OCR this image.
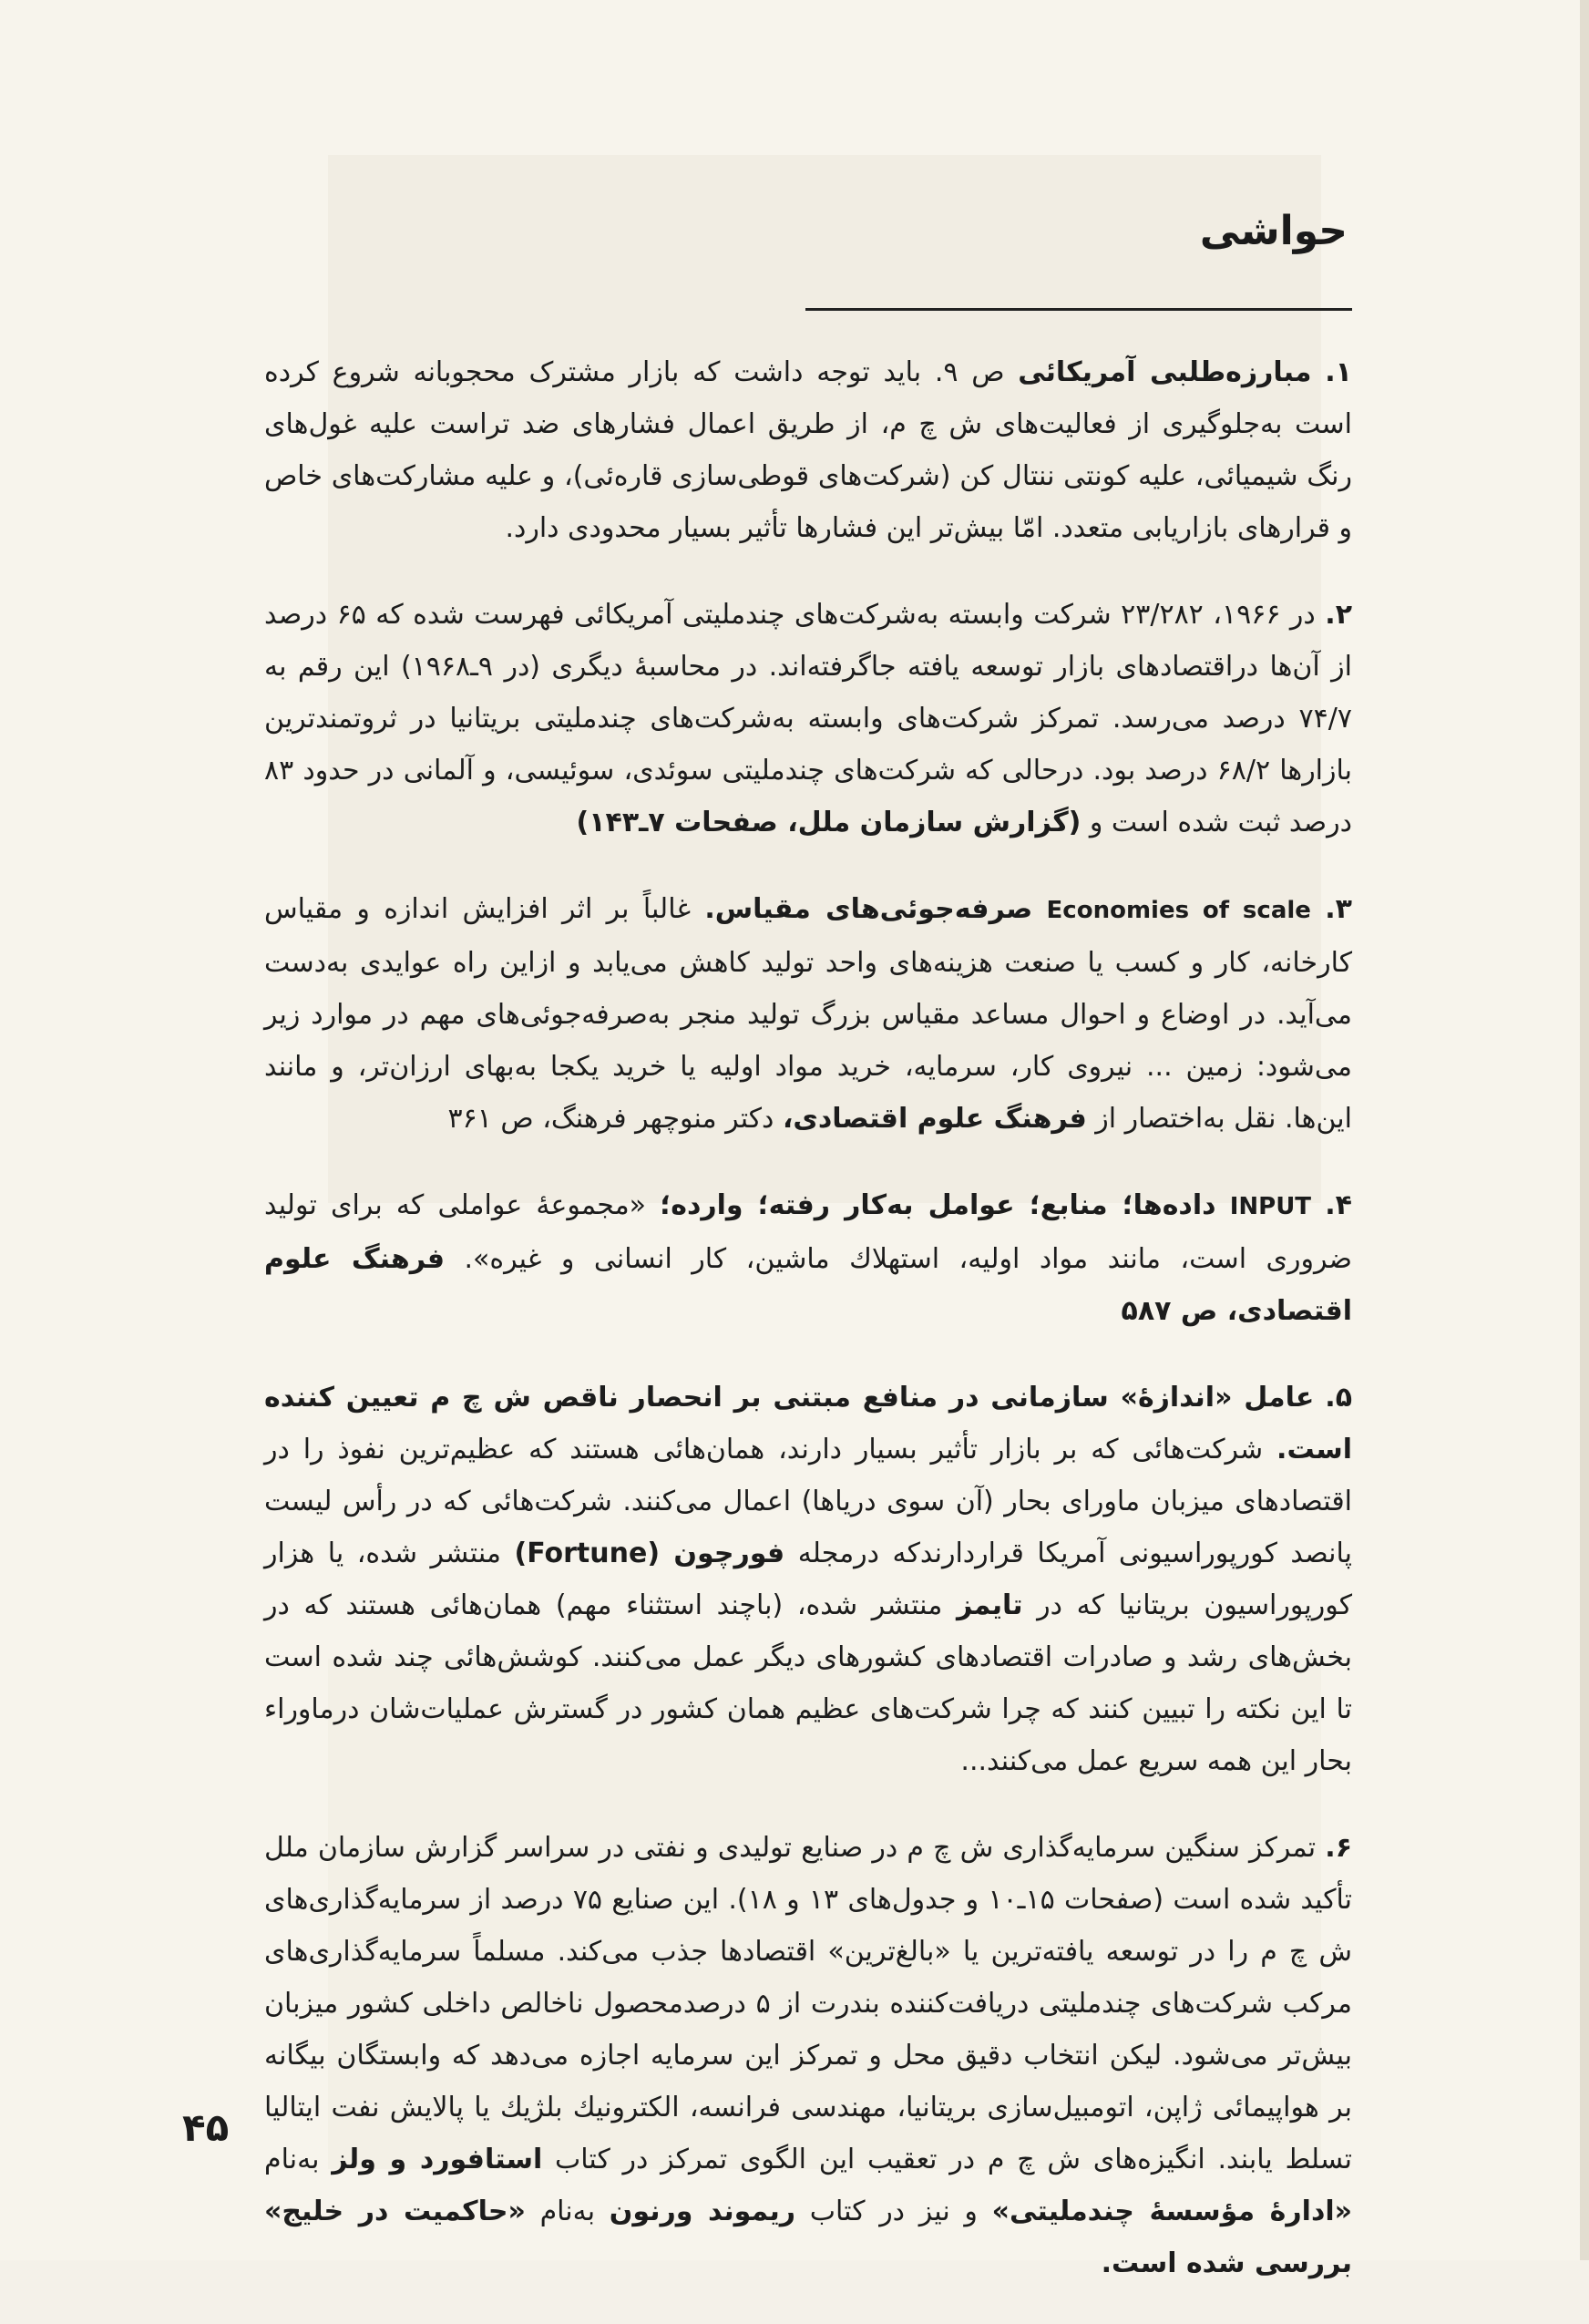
حواشی

۱. مبارزه‌طلبی آمریکائی ص ۹. باید توجه داشت که بازار مشترک محجوبانه شروع کرده است به‌جلوگیری از فعالیت‌های ش چ م، از طریق اعمال فشارهای ضد تراست علیه غول‌های رنگ شیمیائی، علیه کونتی‌ ننتال کن (شرکت‌های قوطی‌سازی قاره‌ئی)، و علیه مشارکت‌های خاص و قرارهای بازاریابی متعدد. امّا بیش‌تر این فشارها تأثیر بسیار محدودی دارد.

۲. در ۱۹۶۶، ۲۳/۲۸۲ شرکت وابسته به‌شرکت‌های چندملیتی آمریکائی فهرست شده که ۶۵ درصد از آن‌ها دراقتصادهای بازار توسعه یافته جاگرفته‌اند. در محاسبهٔ دیگری (در ۹ـ۱۹۶۸) این رقم به ۷۴/۷ درصد می‌رسد. تمرکز شرکت‌های وابسته به‌شرکت‌های چندملیتی بریتانیا در ثروتمندترین بازارها ۶۸/۲ درصد بود. درحالی که شرکت‌های چندملیتی سوئدی، سوئیسی، و آلمانی در حدود ۸۳ درصد ثبت شده است و (گزارش سازمان ملل، صفحات ۷ـ۱۴۳)

۳. Economies of scale صرفه‌جوئی‌های مقیاس. غالباً بر اثر افزایش اندازه و مقیاس کارخانه، کار و کسب یا صنعت هزینه‌های واحد تولید کاهش می‌یابد و ازاین راه عوایدی به‌دست می‌آید. در اوضاع و احوال مساعد مقیاس بزرگ تولید منجر به‌صرفه‌جوئی‌های مهم در موارد زیر می‌شود: زمین ... نیروی کار، سرمایه، خرید مواد اولیه یا خرید یکجا به‌بهای ارزان‌تر، و مانند این‌ها. نقل به‌اختصار از فرهنگ علوم اقتصادی، دکتر منوچهر فرهنگ، ص ۳۶۱

۴. INPUT داده‌ها؛ منابع؛ عوامل به‌کار رفته؛ وارده؛ «مجموعهٔ عواملی که برای تولید ضروری است، مانند مواد اولیه، استهلاك ماشین، کار انسانی و غیره». فرهنگ علوم اقتصادی، ص ۵۸۷

۵. عامل «اندازهٔ» سازمانی در منافع مبتنی بر انحصار ناقص ش چ م تعیین کننده است. شرکت‌هائی که بر بازار تأثیر بسیار دارند، همان‌هائی هستند که عظیم‌ترین نفوذ را در اقتصادهای میزبان ماورای بحار (آن سوی دریاها) اعمال می‌کنند. شرکت‌هائی که در رأس لیست پانصد کورپوراسیونی آمریکا قراردارندکه درمجله فورچون (Fortune) منتشر شده، یا هزار کورپوراسیون بریتانیا که در تایمز منتشر شده، (باچند استثناء مهم) همان‌هائی هستند که در بخش‌های رشد و صادرات اقتصادهای کشورهای دیگر عمل می‌کنند. کوشش‌هائی چند شده است تا این نکته را تبیین کنند که چرا شرکت‌های عظیم همان کشور در گسترش عملیات‌شان درماوراء بحار این همه سریع عمل می‌کنند...

۶. تمرکز سنگین سرمایه‌گذاری ش چ م در صنایع تولیدی و نفتی در سراسر گزارش سازمان ملل تأکید شده است (صفحات ۱۵ـ۱۰ و جدول‌های ۱۳ و ۱۸). این صنایع ۷۵ درصد از سرمایه‌گذاری‌های ش چ م را در توسعه یافته‌ترین یا «بالغ‌ترین» اقتصادها جذب می‌کند. مسلماً سرمایه‌گذاری‌های مرکب شرکت‌های چندملیتی دریافت‌کننده بندرت از ۵ درصدمحصول ناخالص داخلی کشور میزبان بیش‌تر می‌شود. لیکن انتخاب دقیق محل و تمرکز این سرمایه اجازه می‌دهد که وابستگان بیگانه بر هواپیمائی ژاپن، اتومبیل‌سازی بریتانیا، مهندسی فرانسه، الکترونیك بلژیك یا پالایش نفت ایتالیا تسلط یابند. انگیزه‌های ش چ م در تعقیب این الگوی تمرکز در کتاب استافورد و ولز به‌نام «ادارهٔ مؤسسهٔ چندملیتی» و نیز در کتاب ریموند ورنون به‌نام «حاکمیت در خلیج» بررسی شده است.

۴۵
